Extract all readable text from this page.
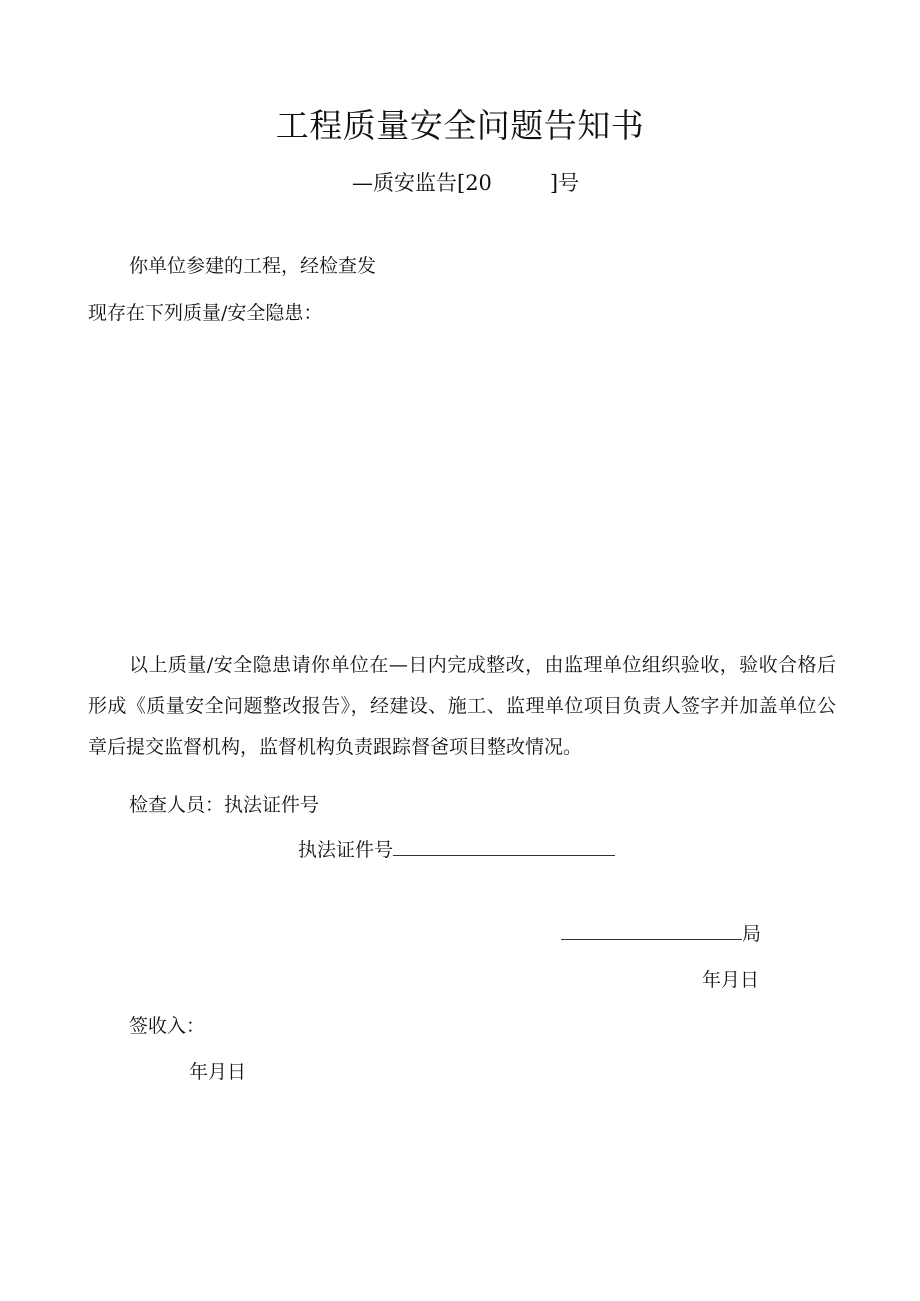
工程质量安全问题告知书
—质安监告[20	]号
你单位参建的工程，经检查发
现存在下列质量/安全隐患：
以上质量/安全隐患请你单位在—日内完成整改，由监理单位组织验收，验收合格后形成《质量安全问题整改报告》，经建设、施工、监理单位项目负责人签字并加盖单位公章后提交监督机构，监督机构负责跟踪督爸项目整改情况。
检查人员：执法证件号
执法证件号
局
年月日
签收入：
年月日
